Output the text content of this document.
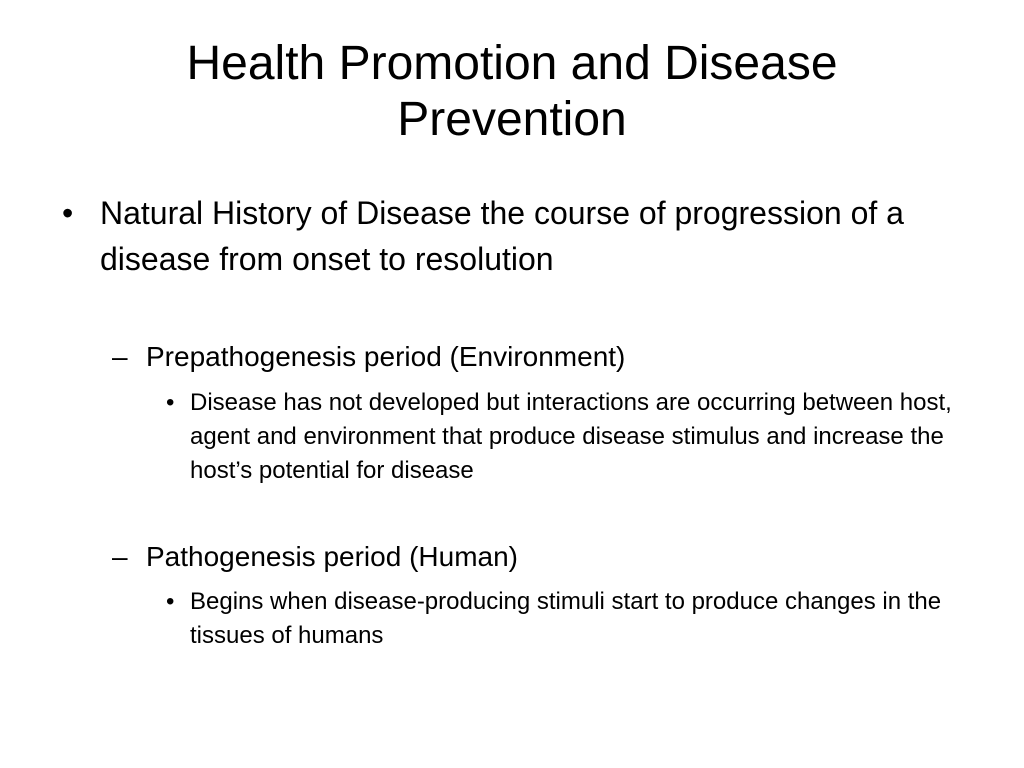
Health Promotion and Disease
Prevention
• Natural History of Disease the course of progression of a disease from onset to resolution
– Prepathogenesis period (Environment)
• Disease has not developed but interactions are occurring between host, agent and environment that produce disease stimulus and increase the host’s potential for disease
– Pathogenesis period (Human)
• Begins when disease-producing stimuli start to produce changes in the tissues of humans
